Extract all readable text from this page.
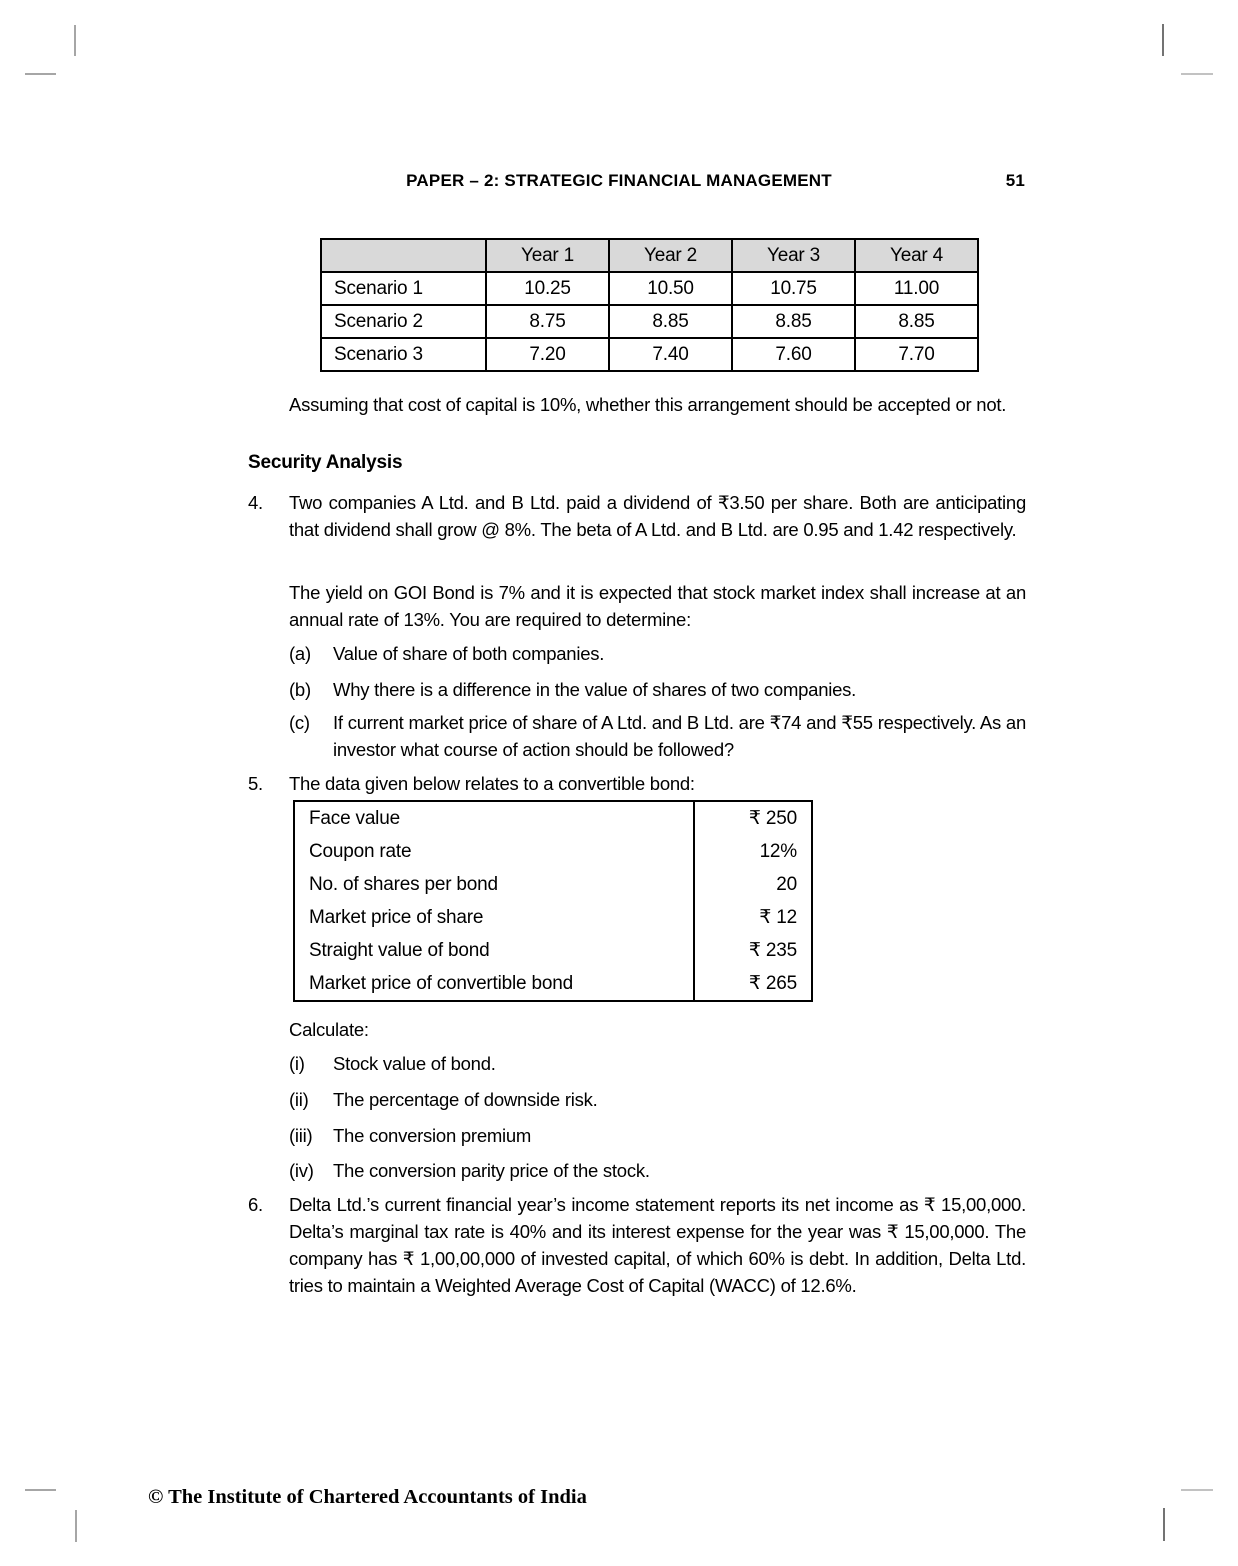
PAPER – 2: STRATEGIC FINANCIAL MANAGEMENT	51
	Year 1	Year 2	Year 3	Year 4
Scenario 1	10.25	10.50	10.75	11.00
Scenario 2	8.75	8.85	8.85	8.85
Scenario 3	7.20	7.40	7.60	7.70
Assuming that cost of capital is 10%, whether this arrangement should be accepted or not.
Security Analysis
4.	Two companies A Ltd. and B Ltd. paid a dividend of ₹3.50 per share. Both are anticipating that dividend shall grow @ 8%. The beta of A Ltd. and B Ltd. are 0.95 and 1.42 respectively.
The yield on GOI Bond is 7% and it is expected that stock market index shall increase at an annual rate of 13%. You are required to determine:
(a)	Value of share of both companies.
(b)	Why there is a difference in the value of shares of two companies.
(c)	If current market price of share of A Ltd. and B Ltd. are ₹74 and ₹55 respectively. As an investor what course of action should be followed?
5.	The data given below relates to a convertible bond:
Face value	₹ 250
Coupon rate	12%
No. of shares per bond	20
Market price of share	₹ 12
Straight value of bond	₹ 235
Market price of convertible bond	₹ 265
Calculate:
(i)	Stock value of bond.
(ii)	The percentage of downside risk.
(iii)	The conversion premium
(iv)	The conversion parity price of the stock.
6.	Delta Ltd.’s current financial year’s income statement reports its net income as ₹ 15,00,000. Delta’s marginal tax rate is 40% and its interest expense for the year was ₹ 15,00,000. The company has ₹ 1,00,00,000 of invested capital, of which 60% is debt. In addition, Delta Ltd. tries to maintain a Weighted Average Cost of Capital (WACC) of 12.6%.
© The Institute of Chartered Accountants of India
